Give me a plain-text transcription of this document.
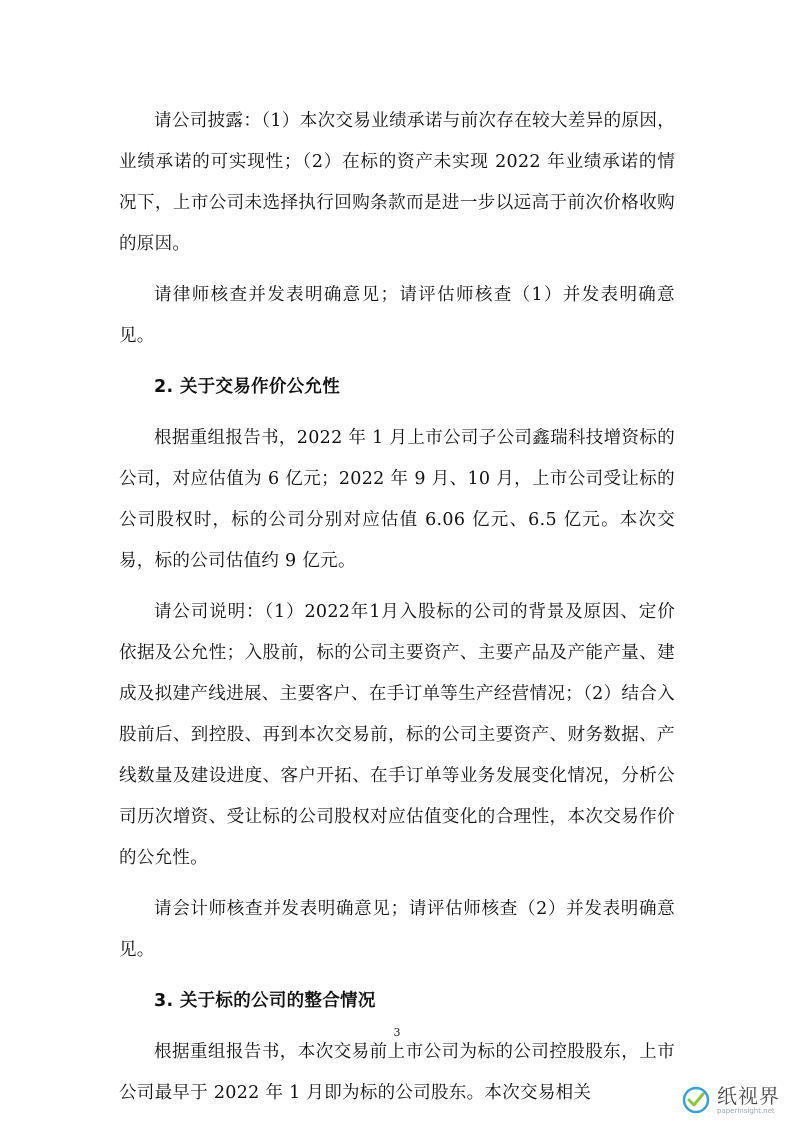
请公司披露：（1）本次交易业绩承诺与前次存在较大差异的原因，业绩承诺的可实现性；（2）在标的资产未实现 2022 年业绩承诺的情况下，上市公司未选择执行回购条款而是进一步以远高于前次价格收购的原因。

请律师核查并发表明确意见；请评估师核查（1）并发表明确意见。

2. 关于交易作价公允性

根据重组报告书，2022 年 1 月上市公司子公司鑫瑞科技增资标的公司，对应估值为 6 亿元；2022 年 9 月、10 月，上市公司受让标的公司股权时，标的公司分别对应估值 6.06 亿元、6.5 亿元。本次交易，标的公司估值约 9 亿元。

请公司说明：（1）2022年1月入股标的公司的背景及原因、定价依据及公允性；入股前，标的公司主要资产、主要产品及产能产量、建成及拟建产线进展、主要客户、在手订单等生产经营情况；（2）结合入股前后、到控股、再到本次交易前，标的公司主要资产、财务数据、产线数量及建设进度、客户开拓、在手订单等业务发展变化情况，分析公司历次增资、受让标的公司股权对应估值变化的合理性，本次交易作价的公允性。

请会计师核查并发表明确意见；请评估师核查（2）并发表明确意见。

3. 关于标的公司的整合情况

根据重组报告书，本次交易前上市公司为标的公司控股股东，上市公司最早于 2022 年 1 月即为标的公司股东。本次交易相关

3
纸视界
paperinsight.net
